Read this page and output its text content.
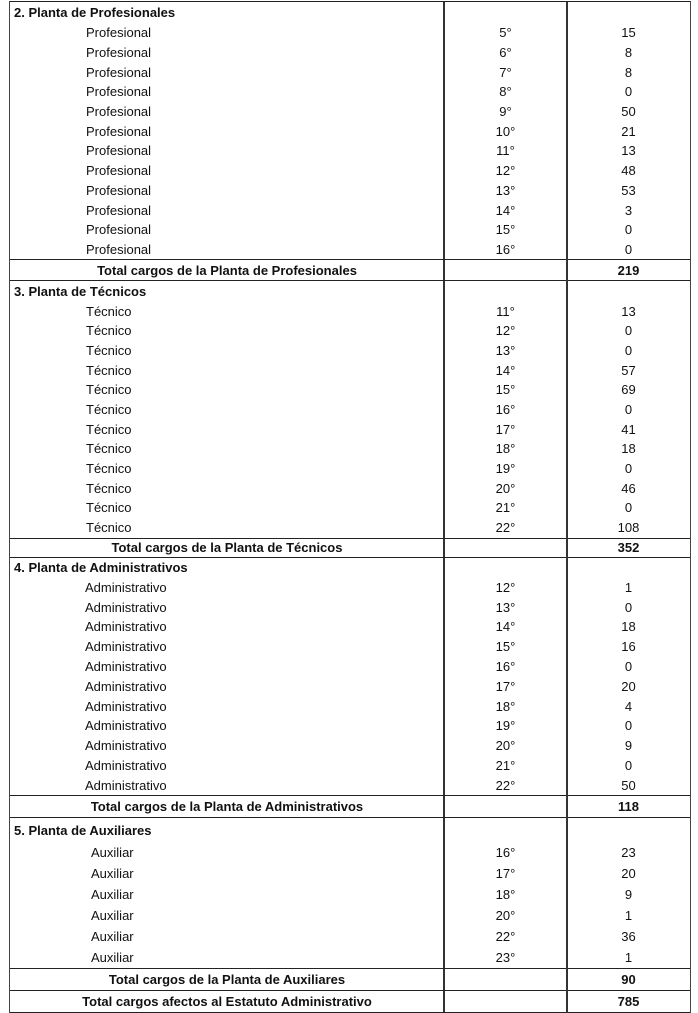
2. Planta de Profesionales
Profesional	5°	15
Profesional	6°	8
Profesional	7°	8
Profesional	8°	0
Profesional	9°	50
Profesional	10°	21
Profesional	11°	13
Profesional	12°	48
Profesional	13°	53
Profesional	14°	3
Profesional	15°	0
Profesional	16°	0
Total cargos de la Planta de Profesionales	219
3. Planta de Técnicos
Técnico	11°	13
Técnico	12°	0
Técnico	13°	0
Técnico	14°	57
Técnico	15°	69
Técnico	16°	0
Técnico	17°	41
Técnico	18°	18
Técnico	19°	0
Técnico	20°	46
Técnico	21°	0
Técnico	22°	108
Total cargos de la Planta de Técnicos	352
4. Planta de Administrativos
Administrativo	12°	1
Administrativo	13°	0
Administrativo	14°	18
Administrativo	15°	16
Administrativo	16°	0
Administrativo	17°	20
Administrativo	18°	4
Administrativo	19°	0
Administrativo	20°	9
Administrativo	21°	0
Administrativo	22°	50
Total cargos de la Planta de Administrativos	118
5. Planta de Auxiliares
Auxiliar	16°	23
Auxiliar	17°	20
Auxiliar	18°	9
Auxiliar	20°	1
Auxiliar	22°	36
Auxiliar	23°	1
Total cargos de la Planta de Auxiliares	90
Total cargos afectos al Estatuto Administrativo	785
